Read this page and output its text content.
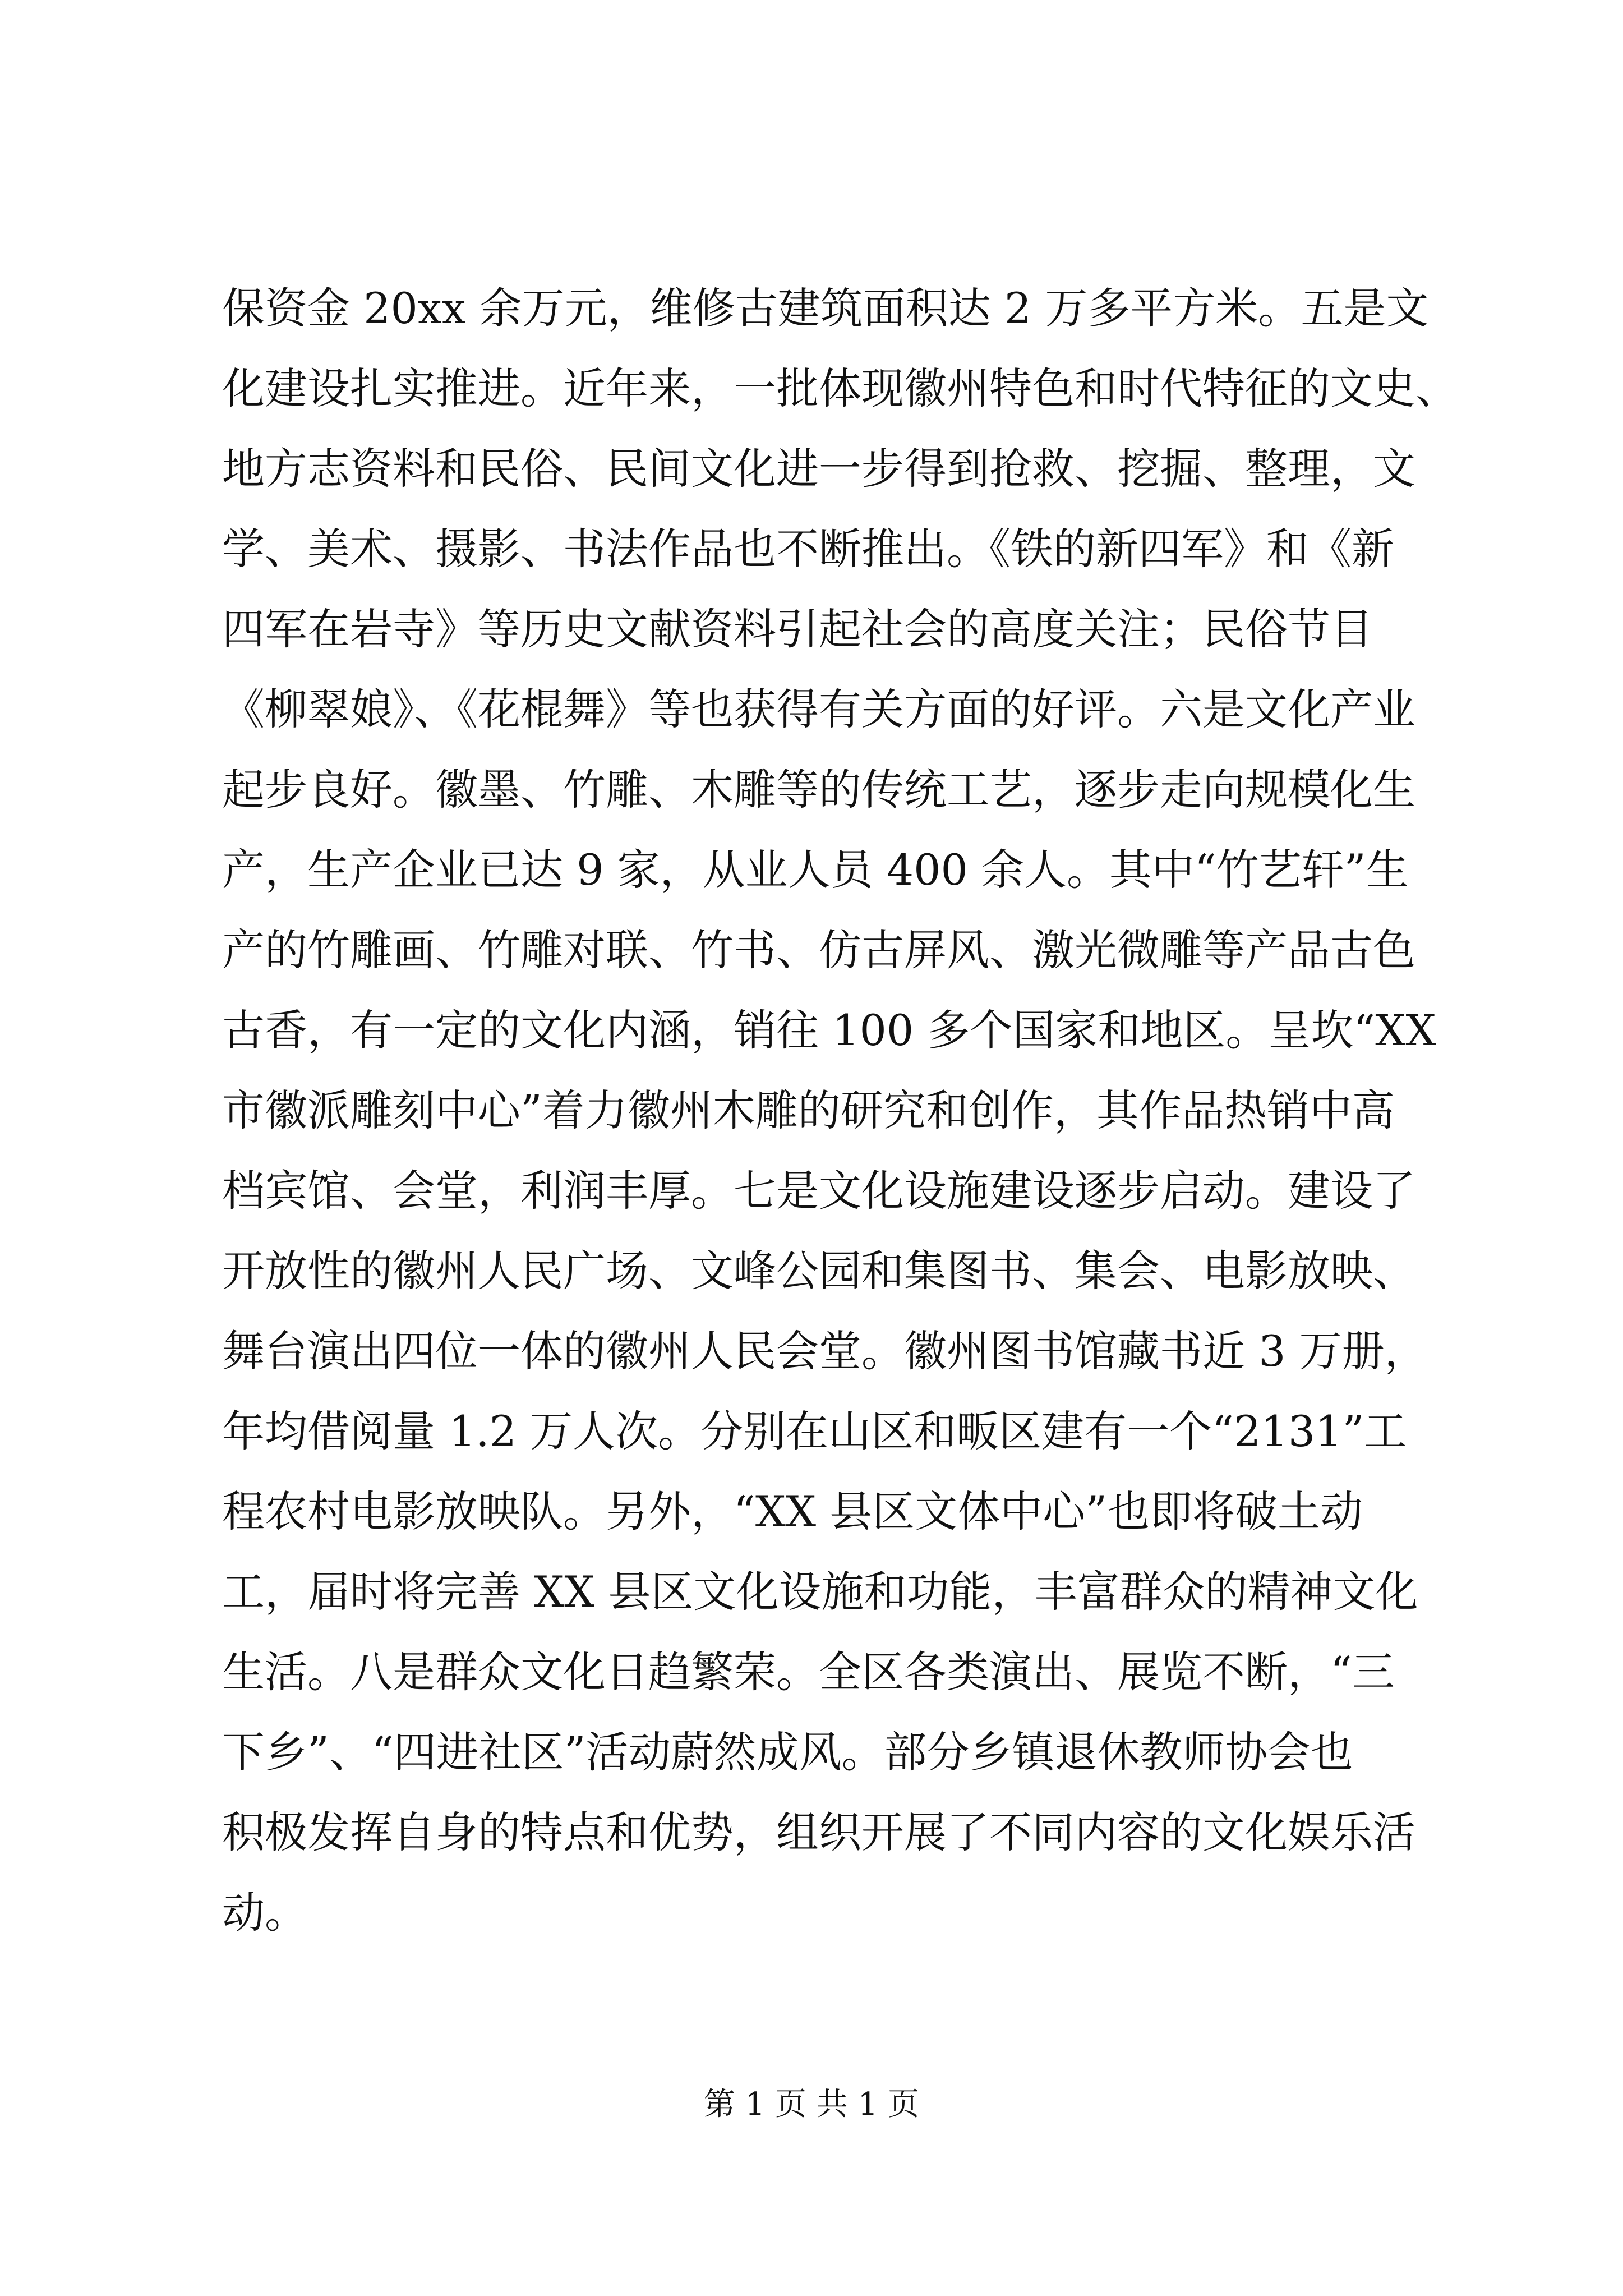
保资金 20xx 余万元，维修古建筑面积达 2 万多平方米。五是文
化建设扎实推进。近年来，一批体现徽州特色和时代特征的文史、
地方志资料和民俗、民间文化进一步得到抢救、挖掘、整理，文
学、美术、摄影、书法作品也不断推出。《铁的新四军》和《新
四军在岩寺》等历史文献资料引起社会的高度关注；民俗节目
《柳翠娘》、《花棍舞》等也获得有关方面的好评。六是文化产业
起步良好。徽墨、竹雕、木雕等的传统工艺，逐步走向规模化生
产，生产企业已达 9 家，从业人员 400 余人。其中“竹艺轩”生
产的竹雕画、竹雕对联、竹书、仿古屏风、激光微雕等产品古色
古香，有一定的文化内涵，销往 100 多个国家和地区。呈坎“XX
市徽派雕刻中心”着力徽州木雕的研究和创作，其作品热销中高
档宾馆、会堂，利润丰厚。七是文化设施建设逐步启动。建设了
开放性的徽州人民广场、文峰公园和集图书、集会、电影放映、
舞台演出四位一体的徽州人民会堂。徽州图书馆藏书近 3 万册，
年均借阅量 1.2 万人次。分别在山区和畈区建有一个“2131”工
程农村电影放映队。另外，“XX 县区文体中心”也即将破土动
工，届时将完善 XX 县区文化设施和功能，丰富群众的精神文化
生活。八是群众文化日趋繁荣。全区各类演出、展览不断，“三
下乡”、“四进社区”活动蔚然成风。部分乡镇退休教师协会也
积极发挥自身的特点和优势，组织开展了不同内容的文化娱乐活
动。
第 1 页 共 1 页
